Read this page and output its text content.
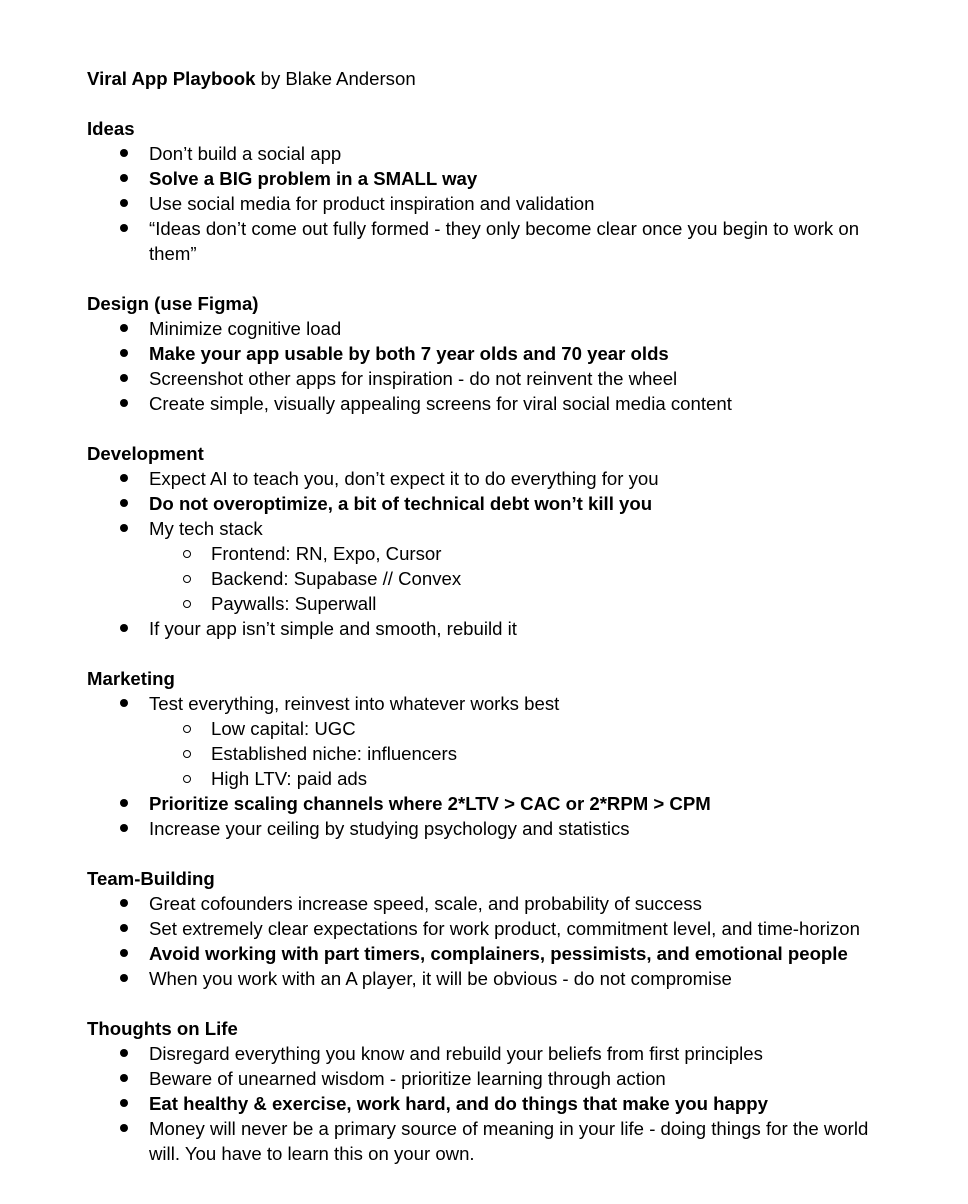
Viral App Playbook by Blake Anderson
Ideas
Don’t build a social app
Solve a BIG problem in a SMALL way
Use social media for product inspiration and validation
“Ideas don’t come out fully formed - they only become clear once you begin to work on them”
Design (use Figma)
Minimize cognitive load
Make your app usable by both 7 year olds and 70 year olds
Screenshot other apps for inspiration - do not reinvent the wheel
Create simple, visually appealing screens for viral social media content
Development
Expect AI to teach you, don’t expect it to do everything for you
Do not overoptimize, a bit of technical debt won’t kill you
My tech stack
Frontend: RN, Expo, Cursor
Backend: Supabase // Convex
Paywalls: Superwall
If your app isn’t simple and smooth, rebuild it
Marketing
Test everything, reinvest into whatever works best
Low capital: UGC
Established niche: influencers
High LTV: paid ads
Prioritize scaling channels where 2*LTV > CAC or 2*RPM > CPM
Increase your ceiling by studying psychology and statistics
Team-Building
Great cofounders increase speed, scale, and probability of success
Set extremely clear expectations for work product, commitment level, and time-horizon
Avoid working with part timers, complainers, pessimists, and emotional people
When you work with an A player, it will be obvious - do not compromise
Thoughts on Life
Disregard everything you know and rebuild your beliefs from first principles
Beware of unearned wisdom - prioritize learning through action
Eat healthy & exercise, work hard, and do things that make you happy
Money will never be a primary source of meaning in your life - doing things for the world will. You have to learn this on your own.
